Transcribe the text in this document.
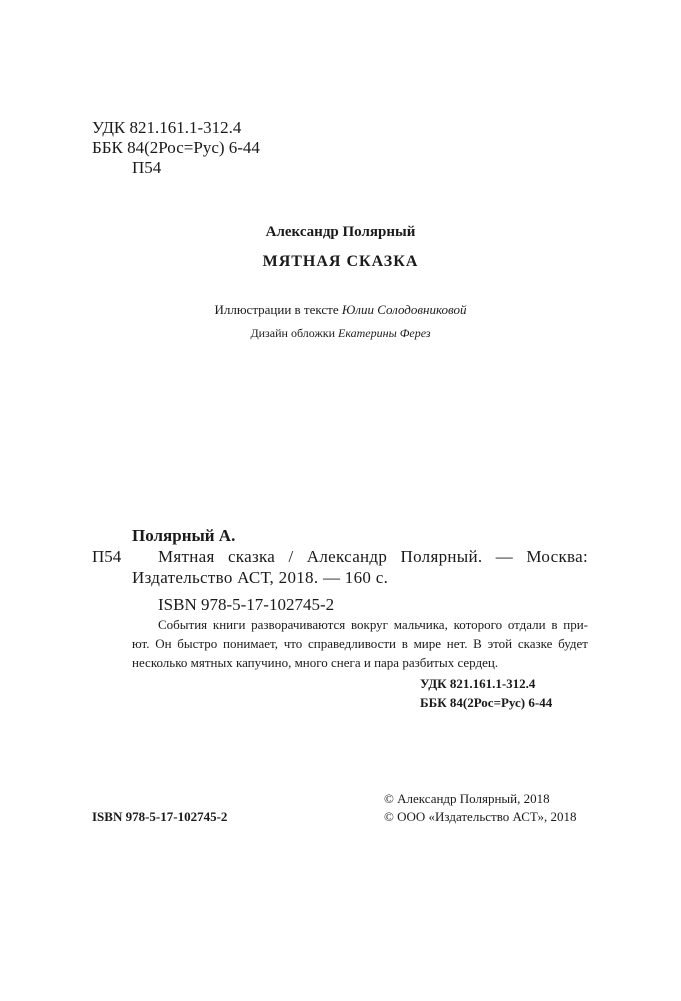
УДК 821.161.1-312.4
ББК 84(2Рос=Рус) 6-44
П54
Александр Полярный
МЯТНАЯ СКАЗКА
Иллюстрации в тексте Юлии Солодовниковой
Дизайн обложки Екатерины Ферез
Полярный А.
П54 Мятная сказка / Александр Полярный. — Москва:
Издательство АСТ, 2018. — 160 с.
ISBN 978-5-17-102745-2
События книги разворачиваются вокруг мальчика, которого отдали в при-
ют. Он быстро понимает, что справедливости в мире нет. В этой сказке будет
несколько мятных капучино, много снега и пара разбитых сердец.
УДК 821.161.1-312.4
ББК 84(2Рос=Рус) 6-44
ISBN 978-5-17-102745-2
© Александр Полярный, 2018
© ООО «Издательство АСТ», 2018
